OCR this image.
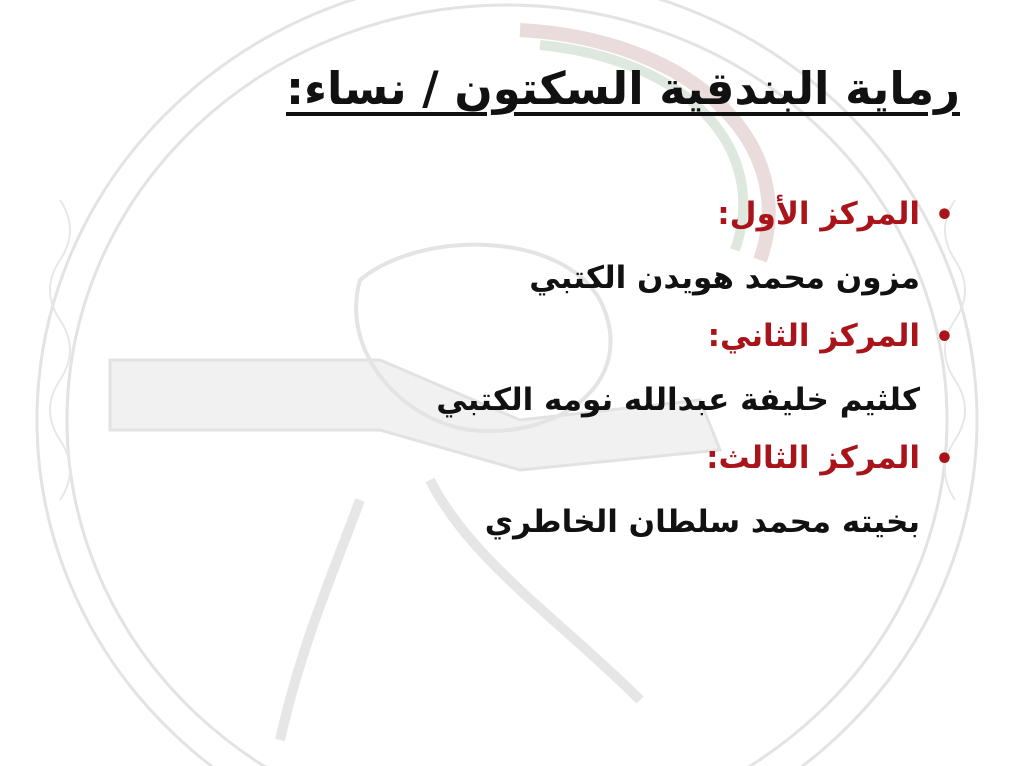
رماية البندقية السكتون / نساء:
•
المركز الأول:
مزون محمد هويدن الكتبي
•
المركز الثاني:
كلثيم خليفة عبدالله نومه الكتبي
•
المركز الثالث:
بخيته محمد سلطان الخاطري
